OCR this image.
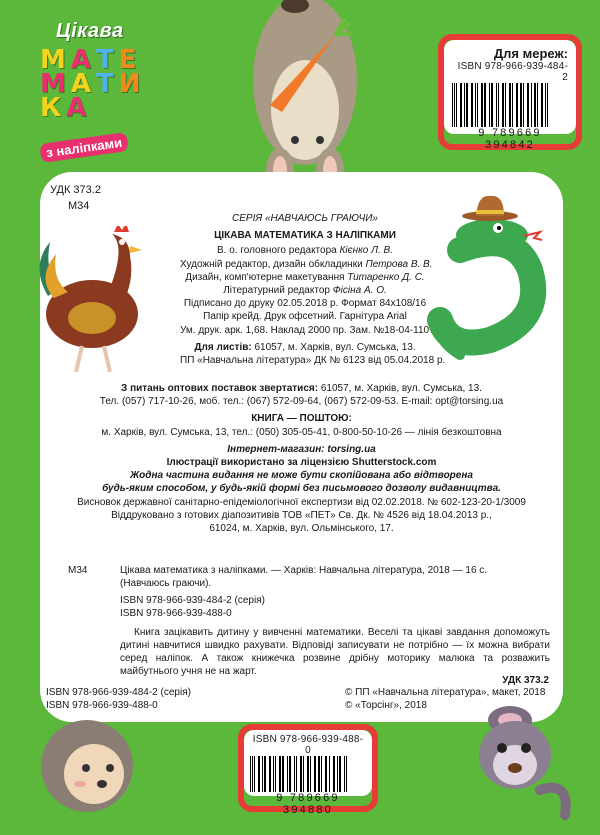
Цікава
М А Т Е
М А Т И
К А
з наліпками
Для мереж:
ISBN 978-966-939-484-2
9 789669 394842
УДК 373.2
М34
СЕРІЯ «НАВЧАЮСЬ ГРАЮЧИ»
ЦІКАВА МАТЕМАТИКА З НАЛІПКАМИ
В. о. головного редактора Кієнко Л. В.
Художній редактор, дизайн обкладинки Петрова В. В.
Дизайн, комп'ютерне макетування Титаренко Д. С.
Літературний редактор Фісіна А. О.
Підписано до друку 02.05.2018 р. Формат 84х108/16
Папір крейд. Друк офсетний. Гарнітура Arial
Ум. друк. арк. 1,68. Наклад 2000 пр. Зам. №18-04-1107.
Для листів: 61057, м. Харків, вул. Сумська, 13.
ПП «Навчальна література» ДК № 6123 від 05.04.2018 р.
З питань оптових поставок звертатися: 61057, м. Харків, вул. Сумська, 13.
Тел. (057) 717-10-26, моб. тел.: (067) 572-09-64, (067) 572-09-53. E-mail: opt@torsing.ua
КНИГА — ПОШТОЮ:
м. Харків, вул. Сумська, 13, тел.: (050) 305-05-41, 0-800-50-10-26 — лінія безкоштовна
Інтернет-магазин: torsing.ua
Ілюстрації використано за ліцензією Shutterstock.com
Жодна частина видання не може бути скопійована або відтворена
будь-яким способом, у будь-якій формі без письмового дозволу видавництва.
Висновок державної санітарно-епідеміологічної експертизи від 02.02.2018. № 602-123-20-1/3009
Віддруковано з готових діапозитивів ТОВ «ПЕТ» Св. Дк. № 4526 від 18.04.2013 р.,
61024, м. Харків, вул. Ольмінського, 17.
М34	Цікава математика з наліпками. — Харків: Навчальна література, 2018 — 16 с.
(Навчаюсь граючи).
ISBN 978-966-939-484-2 (серія)
ISBN 978-966-939-488-0
Книга зацікавить дитину у вивченні математики. Веселі та цікаві завдання допоможуть дитині навчитися швидко рахувати. Відповіді записувати не потрібно — їх можна вибрати серед наліпок. А також книжечка розвине дрібну моторику малюка та розважить майбутнього учня не на жарт.
УДК 373.2
ISBN 978-966-939-484-2 (серія)
ISBN 978-966-939-488-0
© ПП «Навчальна література», макет, 2018
© «Торсінг», 2018
ISBN 978-966-939-488-0
9 789669 394880
